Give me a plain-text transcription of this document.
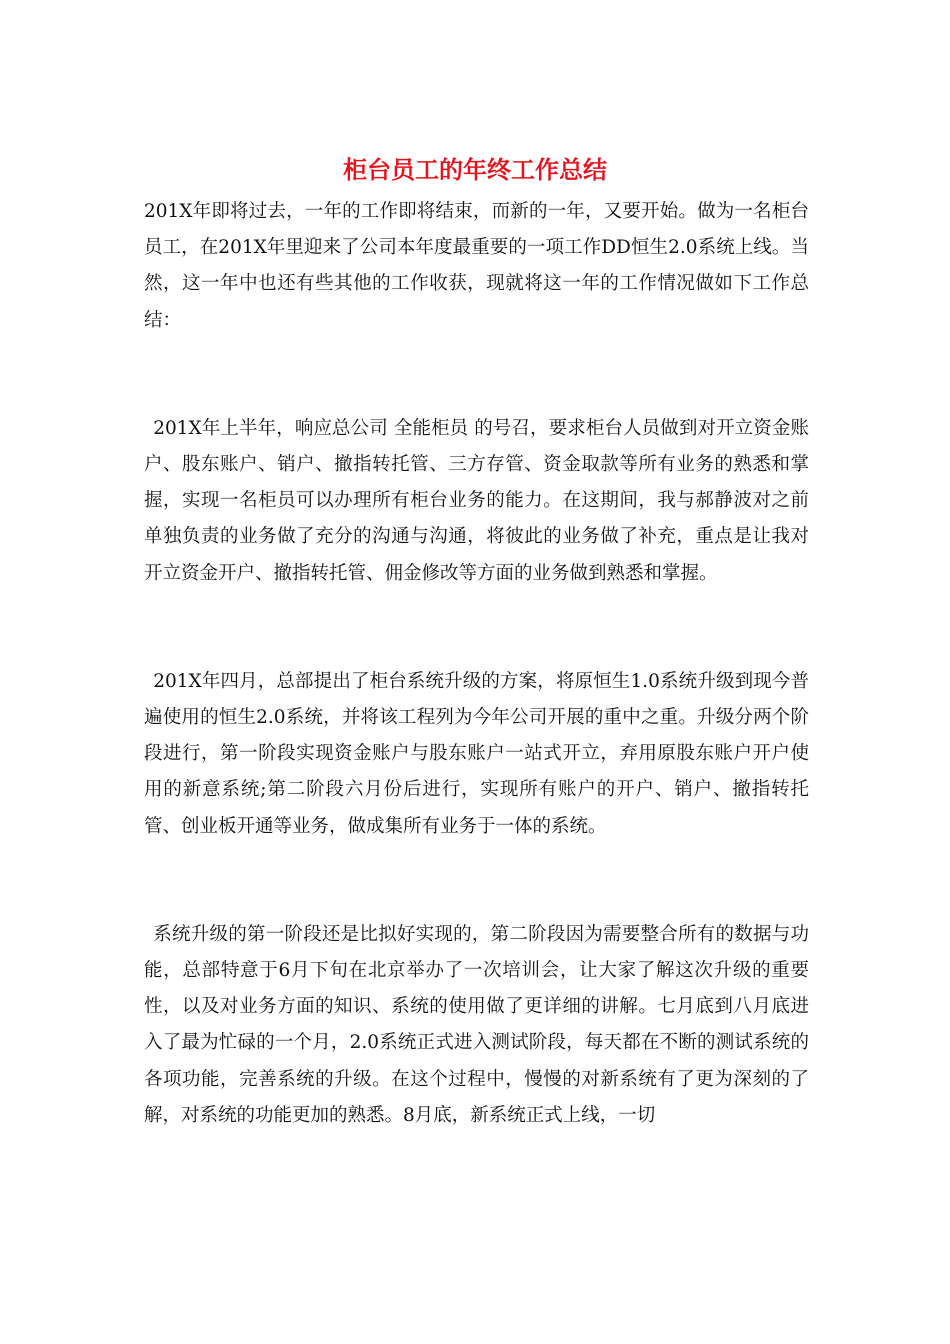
柜台员工的年终工作总结

201X年即将过去，一年的工作即将结束，而新的一年，又要开始。做为一名柜台员工，在201X年里迎来了公司本年度最重要的一项工作DD恒生2.0系统上线。当然，这一年中也还有些其他的工作收获，现就将这一年的工作情况做如下工作总结：

201X年上半年，响应总公司 全能柜员 的号召，要求柜台人员做到对开立资金账户、股东账户、销户、撤指转托管、三方存管、资金取款等所有业务的熟悉和掌握，实现一名柜员可以办理所有柜台业务的能力。在这期间，我与郝静波对之前单独负责的业务做了充分的沟通与沟通，将彼此的业务做了补充，重点是让我对开立资金开户、撤指转托管、佣金修改等方面的业务做到熟悉和掌握。

201X年四月，总部提出了柜台系统升级的方案，将原恒生1.0系统升级到现今普遍使用的恒生2.0系统，并将该工程列为今年公司开展的重中之重。升级分两个阶段进行，第一阶段实现资金账户与股东账户一站式开立，弃用原股东账户开户使用的新意系统;第二阶段六月份后进行，实现所有账户的开户、销户、撤指转托管、创业板开通等业务，做成集所有业务于一体的系统。

系统升级的第一阶段还是比拟好实现的，第二阶段因为需要整合所有的数据与功能，总部特意于6月下旬在北京举办了一次培训会，让大家了解这次升级的重要性，以及对业务方面的知识、系统的使用做了更详细的讲解。七月底到八月底进入了最为忙碌的一个月，2.0系统正式进入测试阶段，每天都在不断的测试系统的各项功能，完善系统的升级。在这个过程中，慢慢的对新系统有了更为深刻的了解，对系统的功能更加的熟悉。8月底，新系统正式上线，一切
